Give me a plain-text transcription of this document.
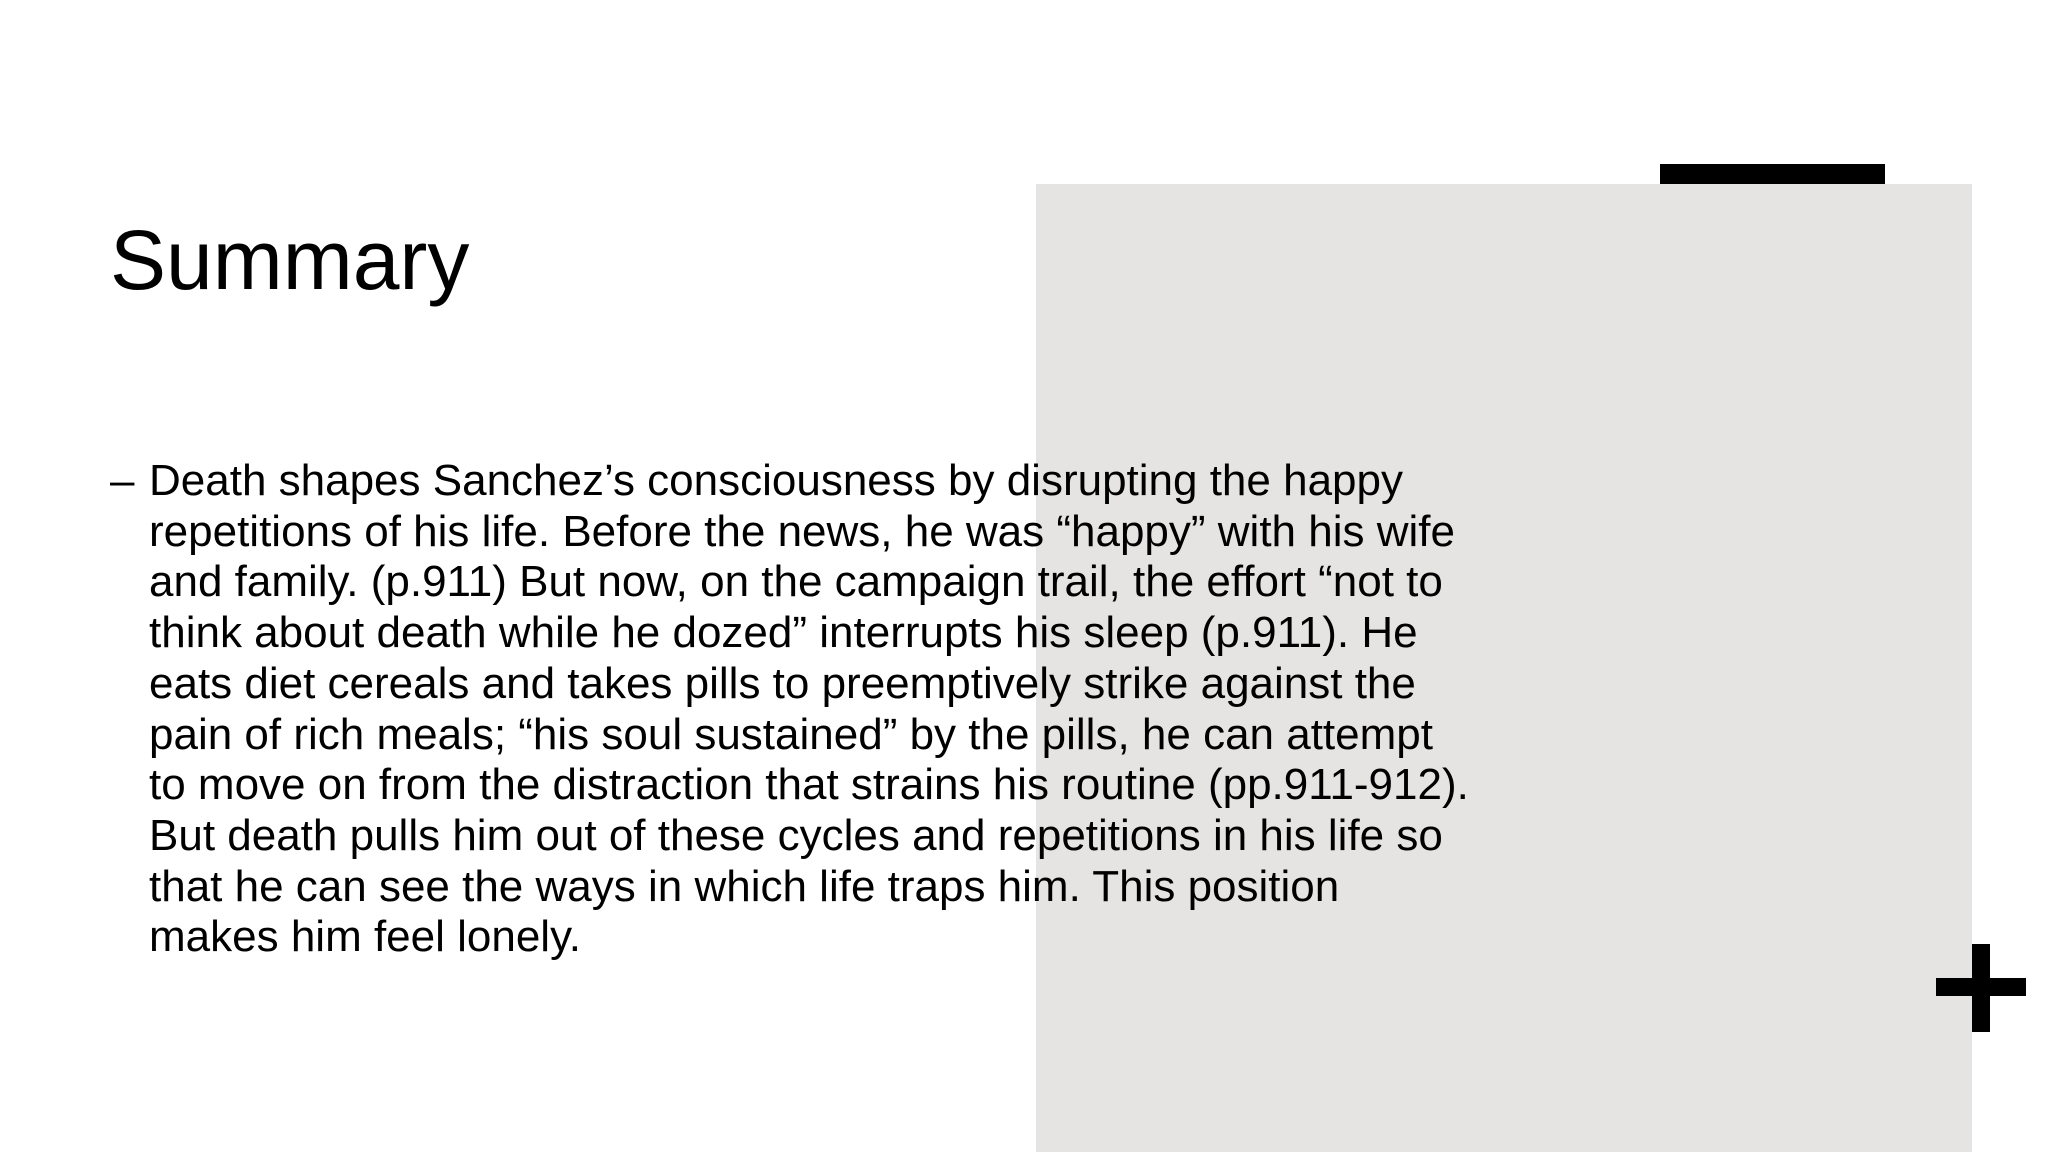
Summary
– Death shapes Sanchez’s consciousness by disrupting the happy repetitions of his life. Before the news, he was “happy” with his wife and family. (p.911) But now, on the campaign trail, the effort “not to think about death while he dozed” interrupts his sleep (p.911). He eats diet cereals and takes pills to preemptively strike against the pain of rich meals; “his soul sustained” by the pills, he can attempt to move on from the distraction that strains his routine (pp.911-912). But death pulls him out of these cycles and repetitions in his life so that he can see the ways in which life traps him. This position makes him feel lonely.
